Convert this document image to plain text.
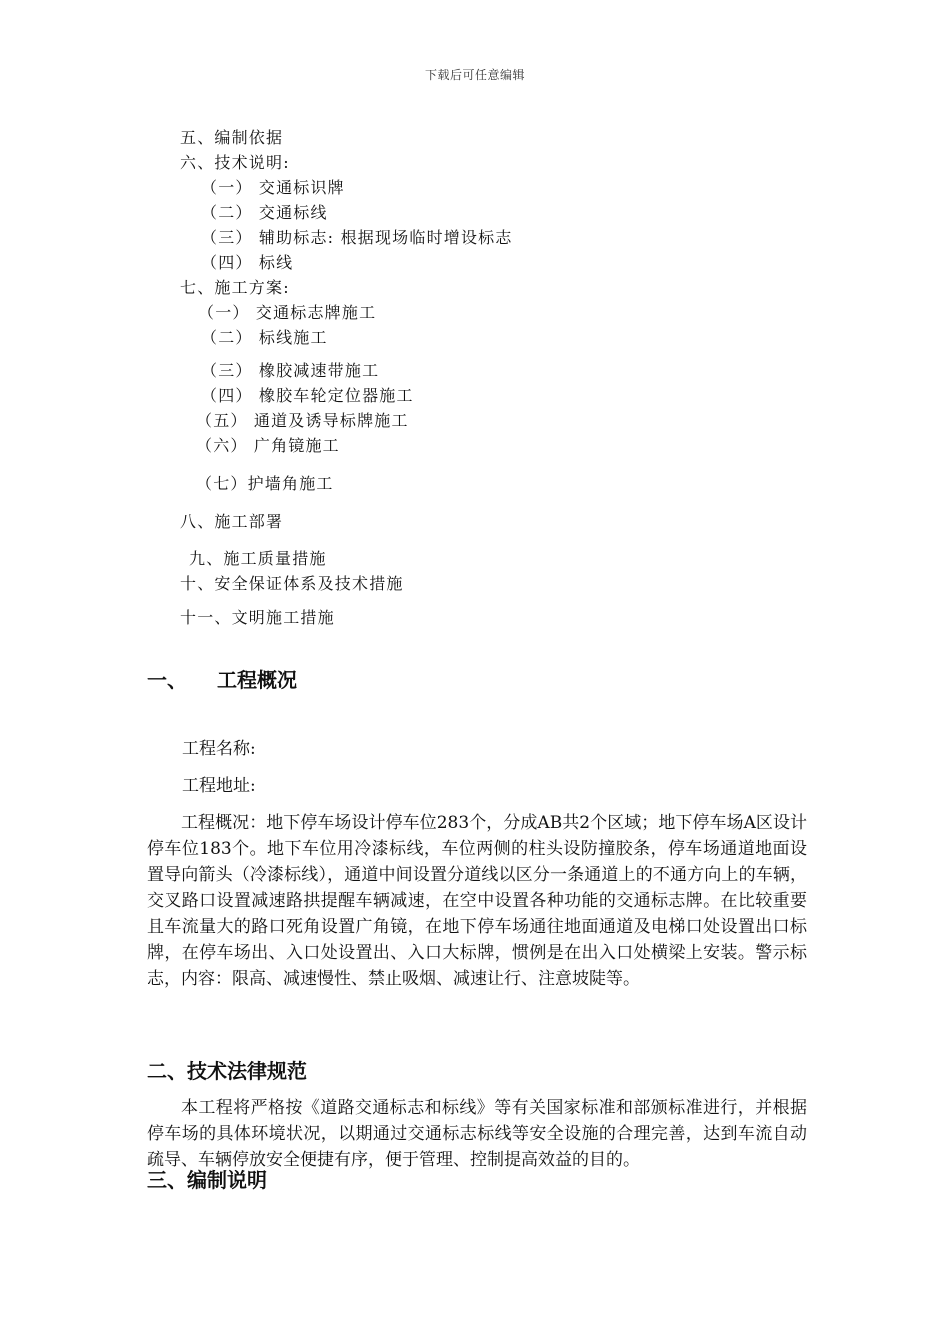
下载后可任意编辑
五、编制依据
六、技术说明:
（一） 交通标识牌
（二） 交通标线
（三） 辅助标志: 根据现场临时增设标志
（四） 标线
七、施工方案:
（一） 交通标志牌施工
（二） 标线施工
（三） 橡胶减速带施工
（四） 橡胶车轮定位器施工
（五） 通道及诱导标牌施工
（六） 广角镜施工
（七）护墙角施工
八、施工部署
九、施工质量措施
十、安全保证体系及技术措施
十一、文明施工措施
一、 工程概况
工程名称:
工程地址:
工程概况：地下停车场设计停车位283个，分成AB共2个区域；地下停车场A区设计停车位183个。地下车位用冷漆标线，车位两侧的柱头设防撞胶条，停车场通道地面设置导向箭头（冷漆标线），通道中间设置分道线以区分一条通道上的不通方向上的车辆，交叉路口设置减速路拱提醒车辆减速，在空中设置各种功能的交通标志牌。在比较重要且车流量大的路口死角设置广角镜，在地下停车场通往地面通道及电梯口处设置出口标牌，在停车场出、入口处设置出、入口大标牌，惯例是在出入口处横梁上安装。警示标志，内容：限高、减速慢性、禁止吸烟、减速让行、注意坡陡等。
二、技术法律规范
本工程将严格按《道路交通标志和标线》等有关国家标准和部颁标准进行，并根据停车场的具体环境状况，以期通过交通标志标线等安全设施的合理完善，达到车流自动疏导、车辆停放安全便捷有序，便于管理、控制提高效益的目的。
三、编制说明
